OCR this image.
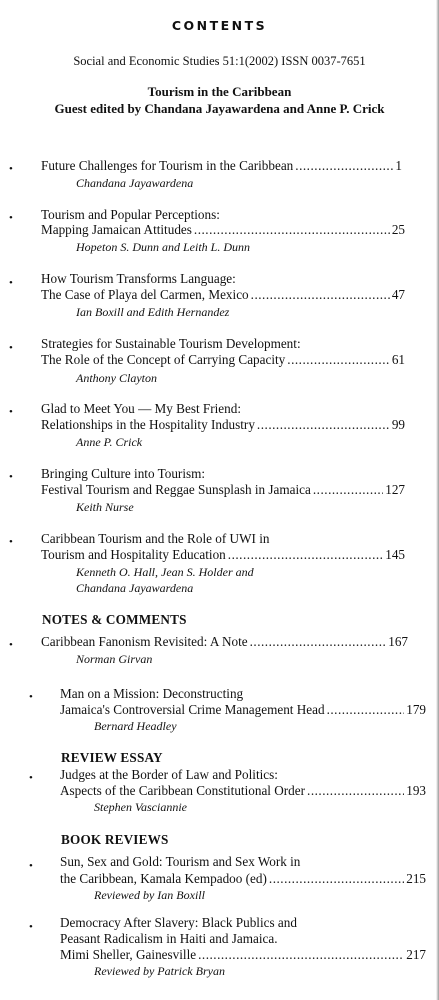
CONTENTS
Social and Economic Studies 51:1(2002) ISSN 0037-7651
Tourism in the Caribbean
Guest edited by Chandana Jayawardena and Anne P. Crick
• Future Challenges for Tourism in the Caribbean .....	1
Chandana Jayawardena
• Tourism and Popular Perceptions:
Mapping Jamaican Attitudes .....	25
Hopeton S. Dunn and Leith L. Dunn
• How Tourism Transforms Language:
The Case of Playa del Carmen, Mexico .....	47
Ian Boxill and Edith Hernandez
• Strategies for Sustainable Tourism Development:
The Role of the Concept of Carrying Capacity .....	61
Anthony Clayton
• Glad to Meet You — My Best Friend:
Relationships in the Hospitality Industry .....	99
Anne P. Crick
• Bringing Culture into Tourism:
Festival Tourism and Reggae Sunsplash in Jamaica .....	127
Keith Nurse
• Caribbean Tourism and the Role of UWI in
Tourism and Hospitality Education .....	145
Kenneth O. Hall, Jean S. Holder and
Chandana Jayawardena
NOTES & COMMENTS
• Caribbean Fanonism Revisited: A Note .....	167
Norman Girvan
• Man on a Mission: Deconstructing
Jamaica's Controversial Crime Management Head .....	179
Bernard Headley
REVIEW ESSAY
• Judges at the Border of Law and Politics:
Aspects of the Caribbean Constitutional Order .....	193
Stephen Vasciannie
BOOK REVIEWS
• Sun, Sex and Gold: Tourism and Sex Work in
the Caribbean, Kamala Kempadoo (ed) .....	215
Reviewed by Ian Boxill
• Democracy After Slavery: Black Publics and
Peasant Radicalism in Haiti and Jamaica.
Mimi Sheller, Gainesville .....	217
Reviewed by Patrick Bryan
